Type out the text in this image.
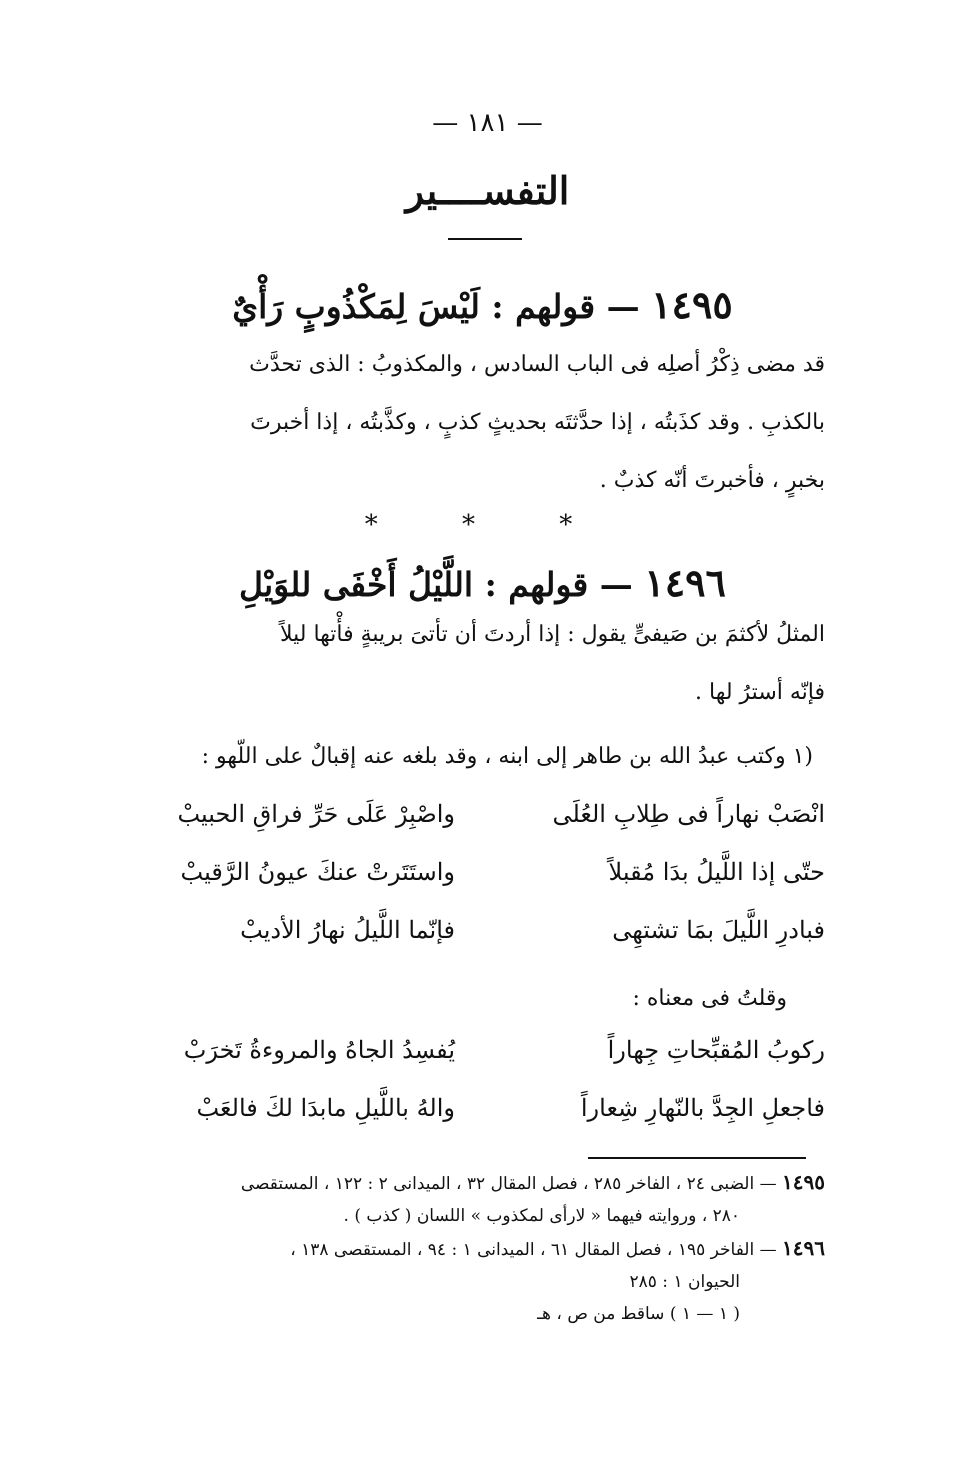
— ١٨١ —
التفســــير
١٤٩٥ — قولهم : لَيْسَ لِمَكْذُوبٍ رَأْيٌ

قد مضى ذِكْرُ أصلِه فى الباب السادس ، والمكذوبُ : الذى تحدَّث

بالكذبِ . وقد كذَبتُه ، إذا حدَّثتَه بحديثٍ كذبٍ ، وكذَّبتُه ، إذا أخبرتَ

بخبرٍ ، فأخبرتَ أنّه كذبٌ .

* * *
١٤٩٦ — قولهم : اللَّيْلُ أَخْفَى للوَيْلِ

المثلُ لأكثمَ بن صَيفىٍّ يقول : إذا أردتَ أن تأتىَ بريبةٍ فأْتها ليلاً

فإنّه أسترُ لها .

(١ وكتب عبدُ الله بن طاهر إلى ابنه ، وقد بلغه عنه إقبالٌ على اللّهو :
انْصَبْ نهاراً فى طِلابِ العُلَى
واصْبِرْ عَلَى حَرِّ فراقِ الحبيبْ
حتّى إذا اللَّيلُ بدَا مُقبلاً
واستَتَرتْ عنكَ عيونُ الرَّقيبْ
فبادرِ اللَّيلَ بمَا تشتهِى
فإنّما اللَّيلُ نهارُ الأديبْ
وقلتُ فى معناه :
ركوبُ المُقبِّحاتِ جِهاراً
يُفسِدُ الجاهُ والمروءةُ تَخرَبْ
فاجعلِ الجِدَّ بالنّهارِ شِعاراً
والهُ باللَّيلِ مابدَا لكَ فالعَبْ

١٤٩٥ — الضبى ٢٤ ، الفاخر ٢٨٥ ، فصل المقال ٣٢ ، الميدانى ٢ : ١٢٢ ، المستقصى

٢٨٠ ، وروايته فيهما « لارأى لمكذوب » اللسان ( كذب ) .

١٤٩٦ — الفاخر ١٩٥ ، فصل المقال ٦١ ، الميدانى ١ : ٩٤ ، المستقصى ١٣٨ ،

الحيوان ١ : ٢٨٥

( ١ — ١ ) ساقط من ص ، هـ
